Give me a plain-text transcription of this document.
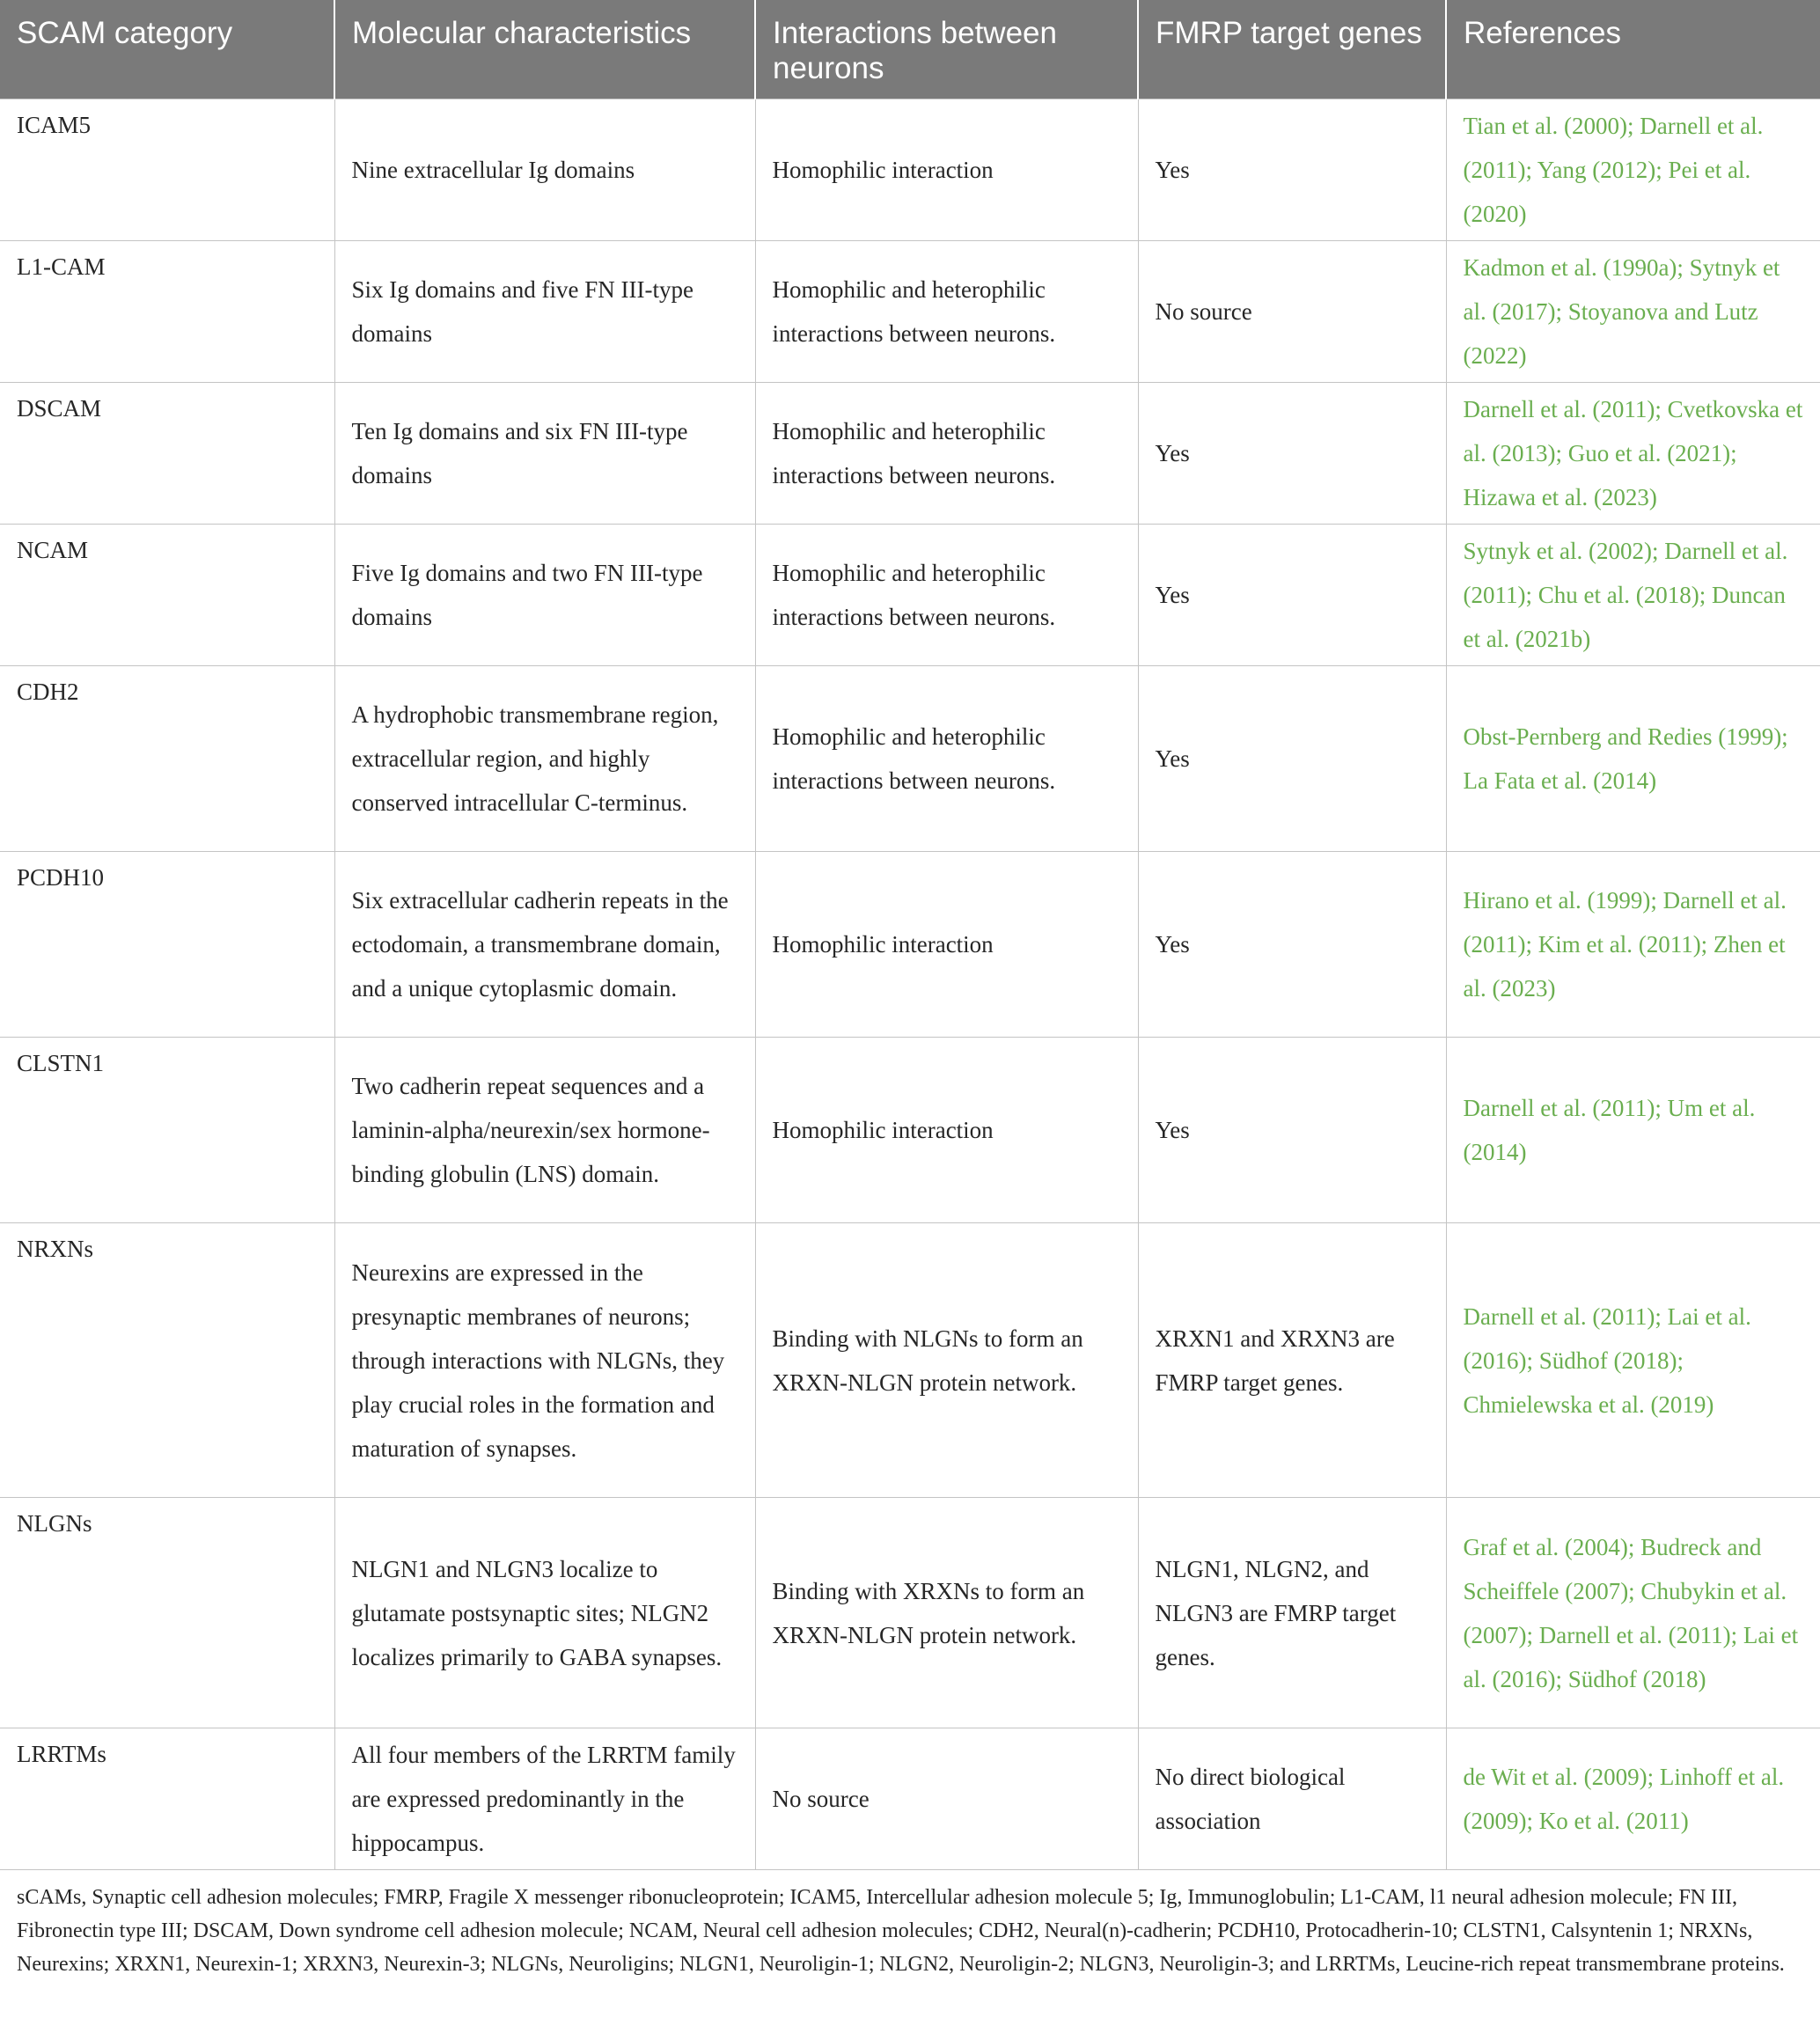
SCAM category	Molecular characteristics	Interactions between neurons	FMRP target genes	References
ICAM5	Nine extracellular Ig domains	Homophilic interaction	Yes	Tian et al. (2000); Darnell et al. (2011); Yang (2012); Pei et al. (2020)
L1-CAM	Six Ig domains and five FN III-type domains	Homophilic and heterophilic interactions between neurons.	No source	Kadmon et al. (1990a); Sytnyk et al. (2017); Stoyanova and Lutz (2022)
DSCAM	Ten Ig domains and six FN III-type domains	Homophilic and heterophilic interactions between neurons.	Yes	Darnell et al. (2011); Cvetkovska et al. (2013); Guo et al. (2021); Hizawa et al. (2023)
NCAM	Five Ig domains and two FN III-type domains	Homophilic and heterophilic interactions between neurons.	Yes	Sytnyk et al. (2002); Darnell et al. (2011); Chu et al. (2018); Duncan et al. (2021b)
CDH2	A hydrophobic transmembrane region, extracellular region, and highly conserved intracellular C-terminus.	Homophilic and heterophilic interactions between neurons.	Yes	Obst-Pernberg and Redies (1999); La Fata et al. (2014)
PCDH10	Six extracellular cadherin repeats in the ectodomain, a transmembrane domain, and a unique cytoplasmic domain.	Homophilic interaction	Yes	Hirano et al. (1999); Darnell et al. (2011); Kim et al. (2011); Zhen et al. (2023)
CLSTN1	Two cadherin repeat sequences and a laminin-alpha/neurexin/sex hormone-binding globulin (LNS) domain.	Homophilic interaction	Yes	Darnell et al. (2011); Um et al. (2014)
NRXNs	Neurexins are expressed in the presynaptic membranes of neurons; through interactions with NLGNs, they play crucial roles in the formation and maturation of synapses.	Binding with NLGNs to form an XRXN-NLGN protein network.	XRXN1 and XRXN3 are FMRP target genes.	Darnell et al. (2011); Lai et al. (2016); Südhof (2018); Chmielewska et al. (2019)
NLGNs	NLGN1 and NLGN3 localize to glutamate postsynaptic sites; NLGN2 localizes primarily to GABA synapses.	Binding with XRXNs to form an XRXN-NLGN protein network.	NLGN1, NLGN2, and NLGN3 are FMRP target genes.	Graf et al. (2004); Budreck and Scheiffele (2007); Chubykin et al. (2007); Darnell et al. (2011); Lai et al. (2016); Südhof (2018)
LRRTMs	All four members of the LRRTM family are expressed predominantly in the hippocampus.	No source	No direct biological association	de Wit et al. (2009); Linhoff et al. (2009); Ko et al. (2011)
sCAMs, Synaptic cell adhesion molecules; FMRP, Fragile X messenger ribonucleoprotein; ICAM5, Intercellular adhesion molecule 5; Ig, Immunoglobulin; L1-CAM, l1 neural adhesion molecule; FN III, Fibronectin type III; DSCAM, Down syndrome cell adhesion molecule; NCAM, Neural cell adhesion molecules; CDH2, Neural(n)-cadherin; PCDH10, Protocadherin-10; CLSTN1, Calsyntenin 1; NRXNs, Neurexins; XRXN1, Neurexin-1; XRXN3, Neurexin-3; NLGNs, Neuroligins; NLGN1, Neuroligin-1; NLGN2, Neuroligin-2; NLGN3, Neuroligin-3; and LRRTMs, Leucine-rich repeat transmembrane proteins.
